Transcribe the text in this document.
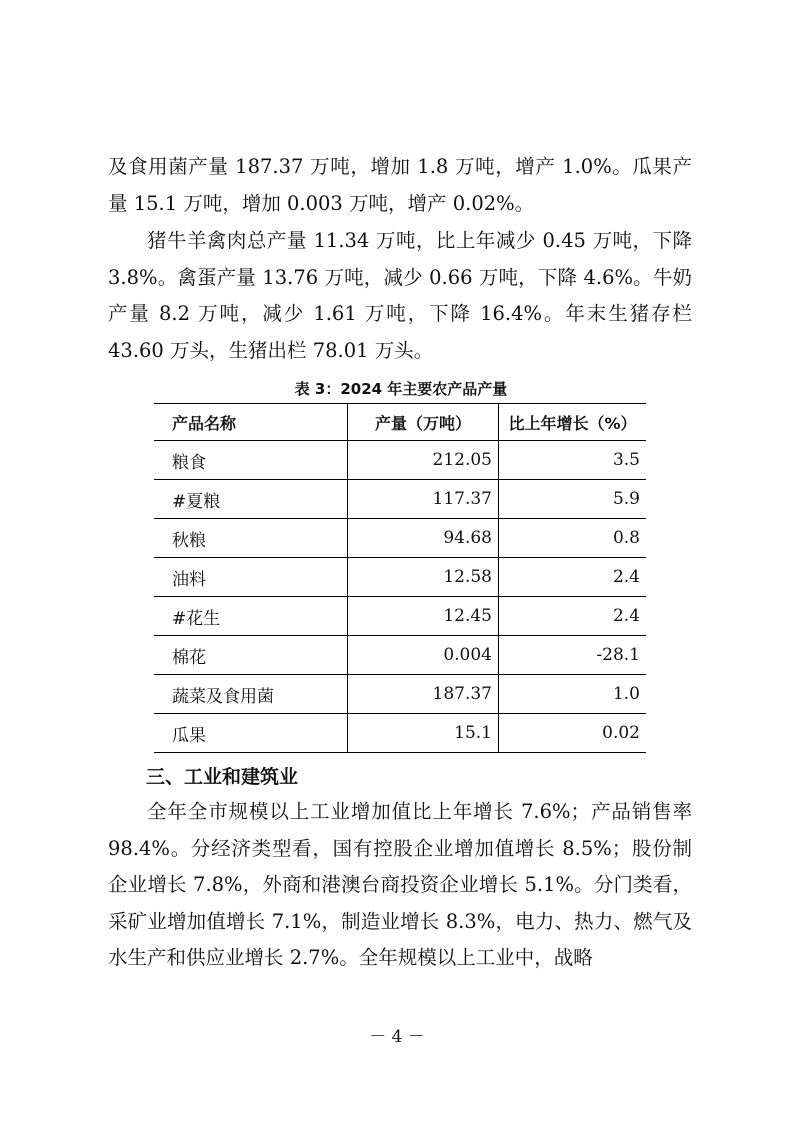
及食用菌产量 187.37 万吨，增加 1.8 万吨，增产 1.0%。瓜果产量 15.1 万吨，增加 0.003 万吨，增产 0.02%。

猪牛羊禽肉总产量 11.34 万吨，比上年减少 0.45 万吨，下降 3.8%。禽蛋产量 13.76 万吨，减少 0.66 万吨，下降 4.6%。牛奶产量 8.2 万吨，减少 1.61 万吨，下降 16.4%。年末生猪存栏 43.60 万头，生猪出栏 78.01 万头。

表 3：2024 年主要农产品产量

产品名称	产量（万吨）	比上年增长（%）
粮食	212.05	3.5
#夏粮	117.37	5.9
秋粮	94.68	0.8
油料	12.58	2.4
#花生	12.45	2.4
棉花	0.004	-28.1
蔬菜及食用菌	187.37	1.0
瓜果	15.1	0.02
三、工业和建筑业

全年全市规模以上工业增加值比上年增长 7.6%；产品销售率 98.4%。分经济类型看，国有控股企业增加值增长 8.5%；股份制企业增长 7.8%，外商和港澳台商投资企业增长 5.1%。分门类看，采矿业增加值增长 7.1%，制造业增长 8.3%，电力、热力、燃气及水生产和供应业增长 2.7%。全年规模以上工业中，战略

－ 4 －
